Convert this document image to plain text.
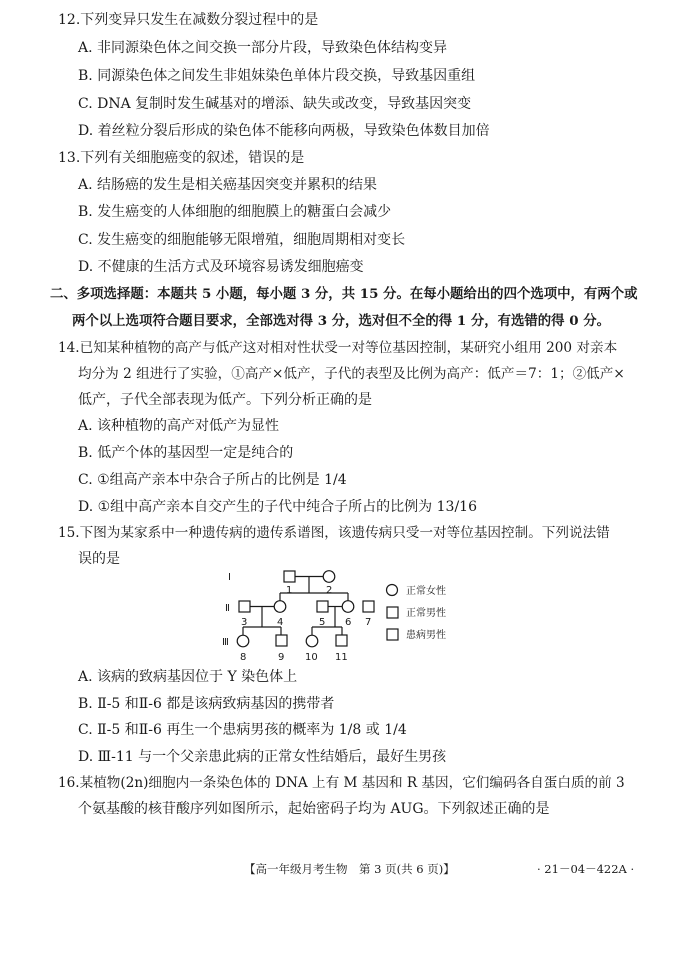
12.下列变异只发生在减数分裂过程中的是
A. 非同源染色体之间交换一部分片段，导致染色体结构变异
B. 同源染色体之间发生非姐妹染色单体片段交换，导致基因重组
C. DNA 复制时发生碱基对的增添、缺失或改变，导致基因突变
D. 着丝粒分裂后形成的染色体不能移向两极，导致染色体数目加倍
13.下列有关细胞癌变的叙述，错误的是
A. 结肠癌的发生是相关癌基因突变并累积的结果
B. 发生癌变的人体细胞的细胞膜上的糖蛋白会减少
C. 发生癌变的细胞能够无限增殖，细胞周期相对变长
D. 不健康的生活方式及环境容易诱发细胞癌变
二、多项选择题：本题共 5 小题，每小题 3 分，共 15 分。在每小题给出的四个选项中，有两个或
两个以上选项符合题目要求，全部选对得 3 分，选对但不全的得 1 分，有选错的得 0 分。
14.已知某种植物的高产与低产这对相对性状受一对等位基因控制，某研究小组用 200 对亲本
均分为 2 组进行了实验，①高产×低产，子代的表型及比例为高产：低产＝7：1；②低产×
低产，子代全部表现为低产。下列分析正确的是
A. 该种植物的高产对低产为显性
B. 低产个体的基因型一定是纯合的
C. ①组高产亲本中杂合子所占的比例是 1/4
D. ①组中高产亲本自交产生的子代中纯合子所占的比例为 13/16
15.下图为某家系中一种遗传病的遗传系谱图，该遗传病只受一对等位基因控制。下列说法错
误的是
Ⅰ
Ⅱ
Ⅲ
1	2
3	4	5 6 7
8	9 10 11
正常女性
正常男性
患病男性
A. 该病的致病基因位于 Y 染色体上
B. Ⅱ-5 和Ⅱ-6 都是该病致病基因的携带者
C. Ⅱ-5 和Ⅱ-6 再生一个患病男孩的概率为 1/8 或 1/4
D. Ⅲ-11 与一个父亲患此病的正常女性结婚后，最好生男孩
16.某植物(2n)细胞内一条染色体的 DNA 上有 M 基因和 R 基因，它们编码各自蛋白质的前 3
个氨基酸的核苷酸序列如图所示，起始密码子均为 AUG。下列叙述正确的是
【高一年级月考生物　第 3 页(共 6 页)】	· 21－04－422A ·
